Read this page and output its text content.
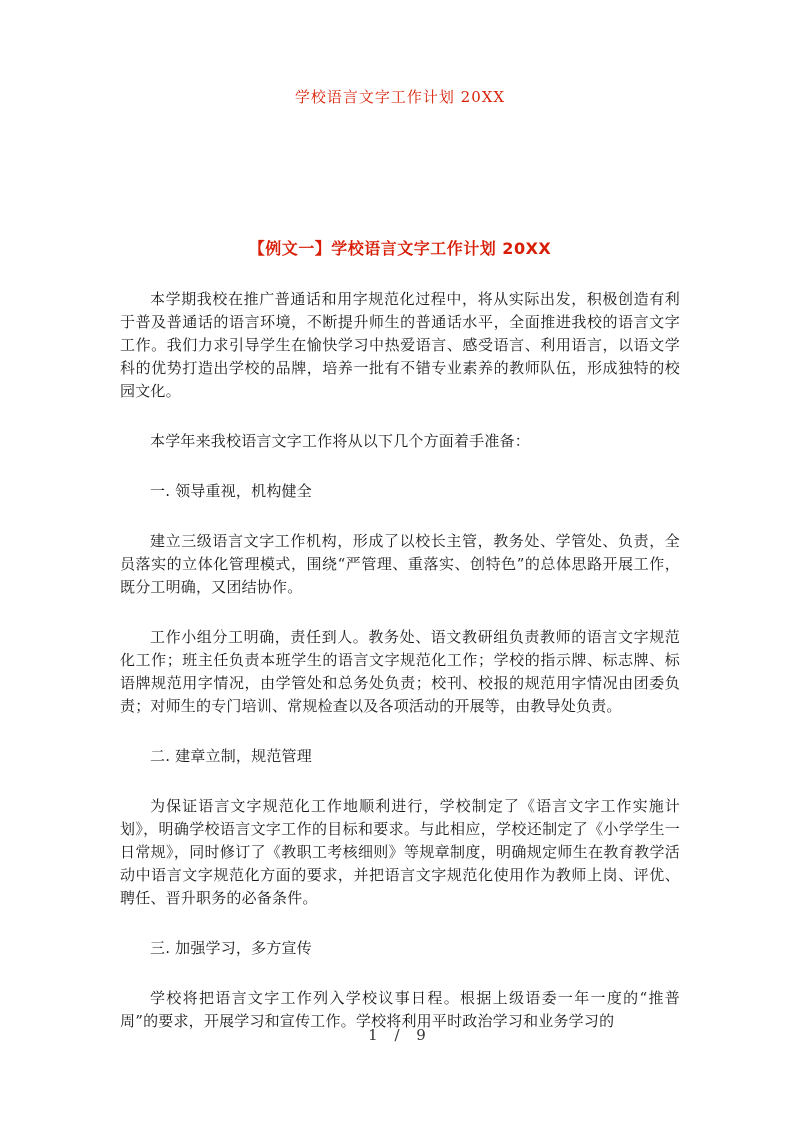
学校语言文字工作计划 20XX
【例文一】学校语言文字工作计划 20XX

本学期我校在推广普通话和用字规范化过程中，将从实际出发，积极创造有利于普及普通话的语言环境，不断提升师生的普通话水平，全面推进我校的语言文字工作。我们力求引导学生在愉快学习中热爱语言、感受语言、利用语言，以语文学科的优势打造出学校的品牌，培养一批有不错专业素养的教师队伍，形成独特的校园文化。

本学年来我校语言文字工作将从以下几个方面着手准备：

一. 领导重视，机构健全

建立三级语言文字工作机构，形成了以校长主管，教务处、学管处、负责，全员落实的立体化管理模式，围绕“严管理、重落实、创特色”的总体思路开展工作，既分工明确，又团结协作。

工作小组分工明确，责任到人。教务处、语文教研组负责教师的语言文字规范化工作；班主任负责本班学生的语言文字规范化工作；学校的指示牌、标志牌、标语牌规范用字情况，由学管处和总务处负责；校刊、校报的规范用字情况由团委负责；对师生的专门培训、常规检查以及各项活动的开展等，由教导处负责。

二. 建章立制，规范管理

为保证语言文字规范化工作地顺利进行，学校制定了《语言文字工作实施计划》，明确学校语言文字工作的目标和要求。与此相应，学校还制定了《小学学生一日常规》，同时修订了《教职工考核细则》等规章制度，明确规定师生在教育教学活动中语言文字规范化方面的要求，并把语言文字规范化使用作为教师上岗、评优、聘任、晋升职务的必备条件。

三. 加强学习，多方宣传

学校将把语言文字工作列入学校议事日程。根据上级语委一年一度的“推普周”的要求，开展学习和宣传工作。学校将利用平时政治学习和业务学习的

1 / 9
